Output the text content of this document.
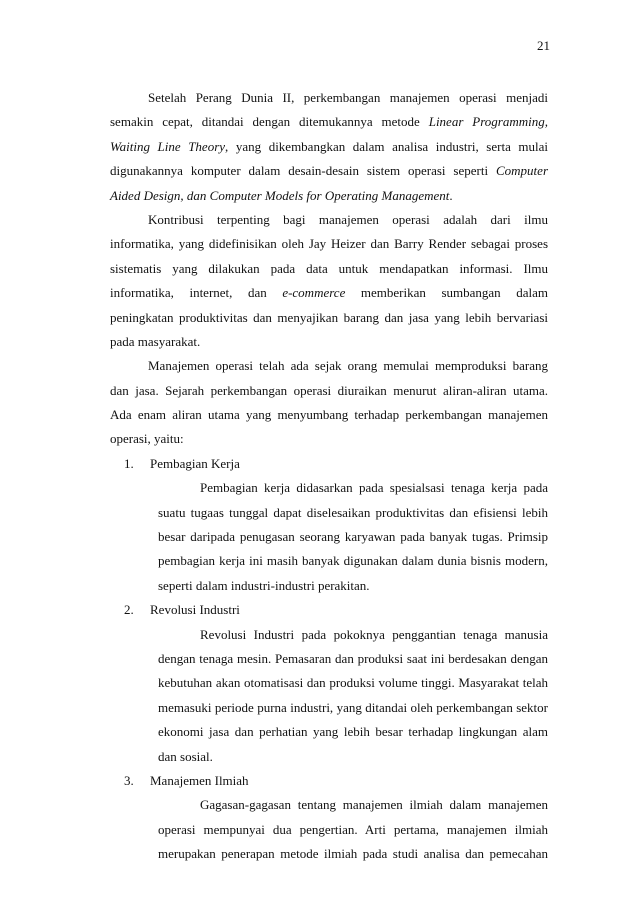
21
Setelah Perang Dunia II, perkembangan manajemen operasi menjadi
semakin cepat, ditandai dengan ditemukannya metode Linear Programming,
Waiting Line Theory, yang dikembangkan dalam analisa industri, serta mulai
digunakannya komputer dalam desain-desain sistem operasi seperti Computer
Aided Design, dan Computer Models for Operating Management.
Kontribusi terpenting bagi manajemen operasi adalah dari ilmu
informatika, yang didefinisikan oleh Jay Heizer dan Barry Render sebagai proses
sistematis yang dilakukan pada data untuk mendapatkan informasi. Ilmu
informatika, internet, dan e-commerce memberikan sumbangan dalam
peningkatan produktivitas dan menyajikan barang dan jasa yang lebih bervariasi
pada masyarakat.
Manajemen operasi telah ada sejak orang memulai memproduksi barang
dan jasa. Sejarah perkembangan operasi diuraikan menurut aliran-aliran utama.
Ada enam aliran utama yang menyumbang terhadap perkembangan manajemen
operasi, yaitu:
1. Pembagian Kerja
Pembagian kerja didasarkan pada spesialsasi tenaga kerja pada
suatu tugaas tunggal dapat diselesaikan produktivitas dan efisiensi lebih
besar daripada penugasan seorang karyawan pada banyak tugas. Primsip
pembagian kerja ini masih banyak digunakan dalam dunia bisnis modern,
seperti dalam industri-industri perakitan.
2. Revolusi Industri
Revolusi Industri pada pokoknya penggantian tenaga manusia
dengan tenaga mesin. Pemasaran dan produksi saat ini berdesakan dengan
kebutuhan akan otomatisasi dan produksi volume tinggi. Masyarakat telah
memasuki periode purna industri, yang ditandai oleh perkembangan sektor
ekonomi jasa dan perhatian yang lebih besar terhadap lingkungan alam
dan sosial.
3. Manajemen Ilmiah
Gagasan-gagasan tentang manajemen ilmiah dalam manajemen
operasi mempunyai dua pengertian. Arti pertama, manajemen ilmiah
merupakan penerapan metode ilmiah pada studi analisa dan pemecahan
